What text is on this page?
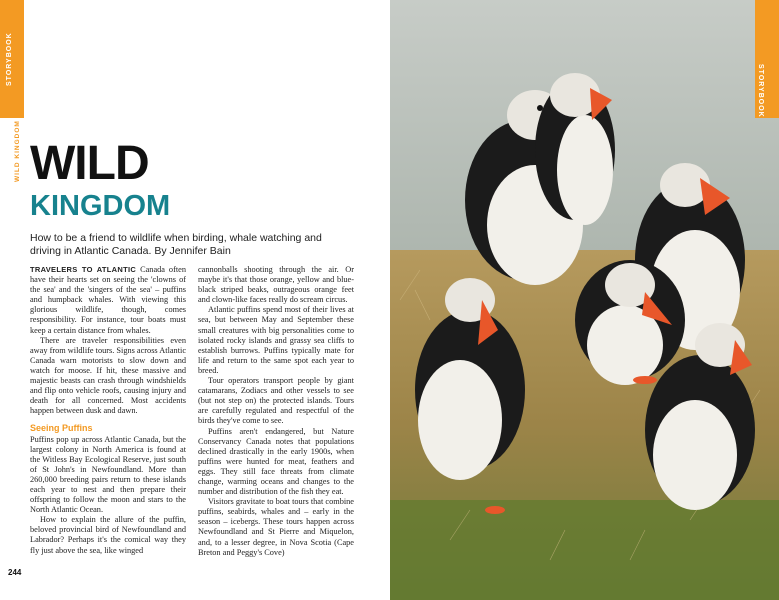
STORYBOOK
WILD KINGDOM WILD
KINGDOM
How to be a friend to wildlife when birding, whale watching and driving in Atlantic Canada. By Jennifer Bain

TRAVELERS TO ATLANTIC Canada often have their hearts set on seeing the 'clowns of the sea' and the 'singers of the sea' – puffins and humpback whales. With viewing this glorious wildlife, though, comes responsibility. For instance, tour boats must keep a certain distance from whales.

There are traveler responsibilities even away from wildlife tours. Signs across Atlantic Canada warn motorists to slow down and watch for moose. If hit, these massive and majestic beasts can crash through windshields and flip onto vehicle roofs, causing injury and death for all concerned. Most accidents happen between dusk and dawn.

Seeing Puffins

Puffins pop up across Atlantic Canada, but the largest colony in North America is found at the Witless Bay Ecological Reserve, just south of St John's in Newfoundland. More than 260,000 breeding pairs return to these islands each year to nest and then prepare their offspring to follow the moon and stars to the North Atlantic Ocean.

How to explain the allure of the puffin, beloved provincial bird of Newfoundland and Labrador? Perhaps it's the comical way they fly just above the sea, like winged

cannonballs shooting through the air. Or maybe it's that those orange, yellow and blue-black striped beaks, outrageous orange feet and clown-like faces really do scream circus.

Atlantic puffins spend most of their lives at sea, but between May and September these small creatures with big personalities come to isolated rocky islands and grassy sea cliffs to establish burrows. Puffins typically mate for life and return to the same spot each year to breed.

Tour operators transport people by giant catamarans, Zodiacs and other vessels to see (but not step on) the protected islands. Tours are carefully regulated and respectful of the birds they've come to see.

Puffins aren't endangered, but Nature Conservancy Canada notes that populations declined drastically in the early 1900s, when puffins were hunted for meat, feathers and eggs. They still face threats from climate change, warming oceans and changes to the number and distribution of the fish they eat.

Visitors gravitate to boat tours that combine puffins, seabirds, whales and – early in the season – icebergs. These tours happen across Newfoundland and St Pierre and Miquelon, and, to a lesser degree, in Nova Scotia (Cape Breton and Peggy's Cove)

244
STORYBOOK
